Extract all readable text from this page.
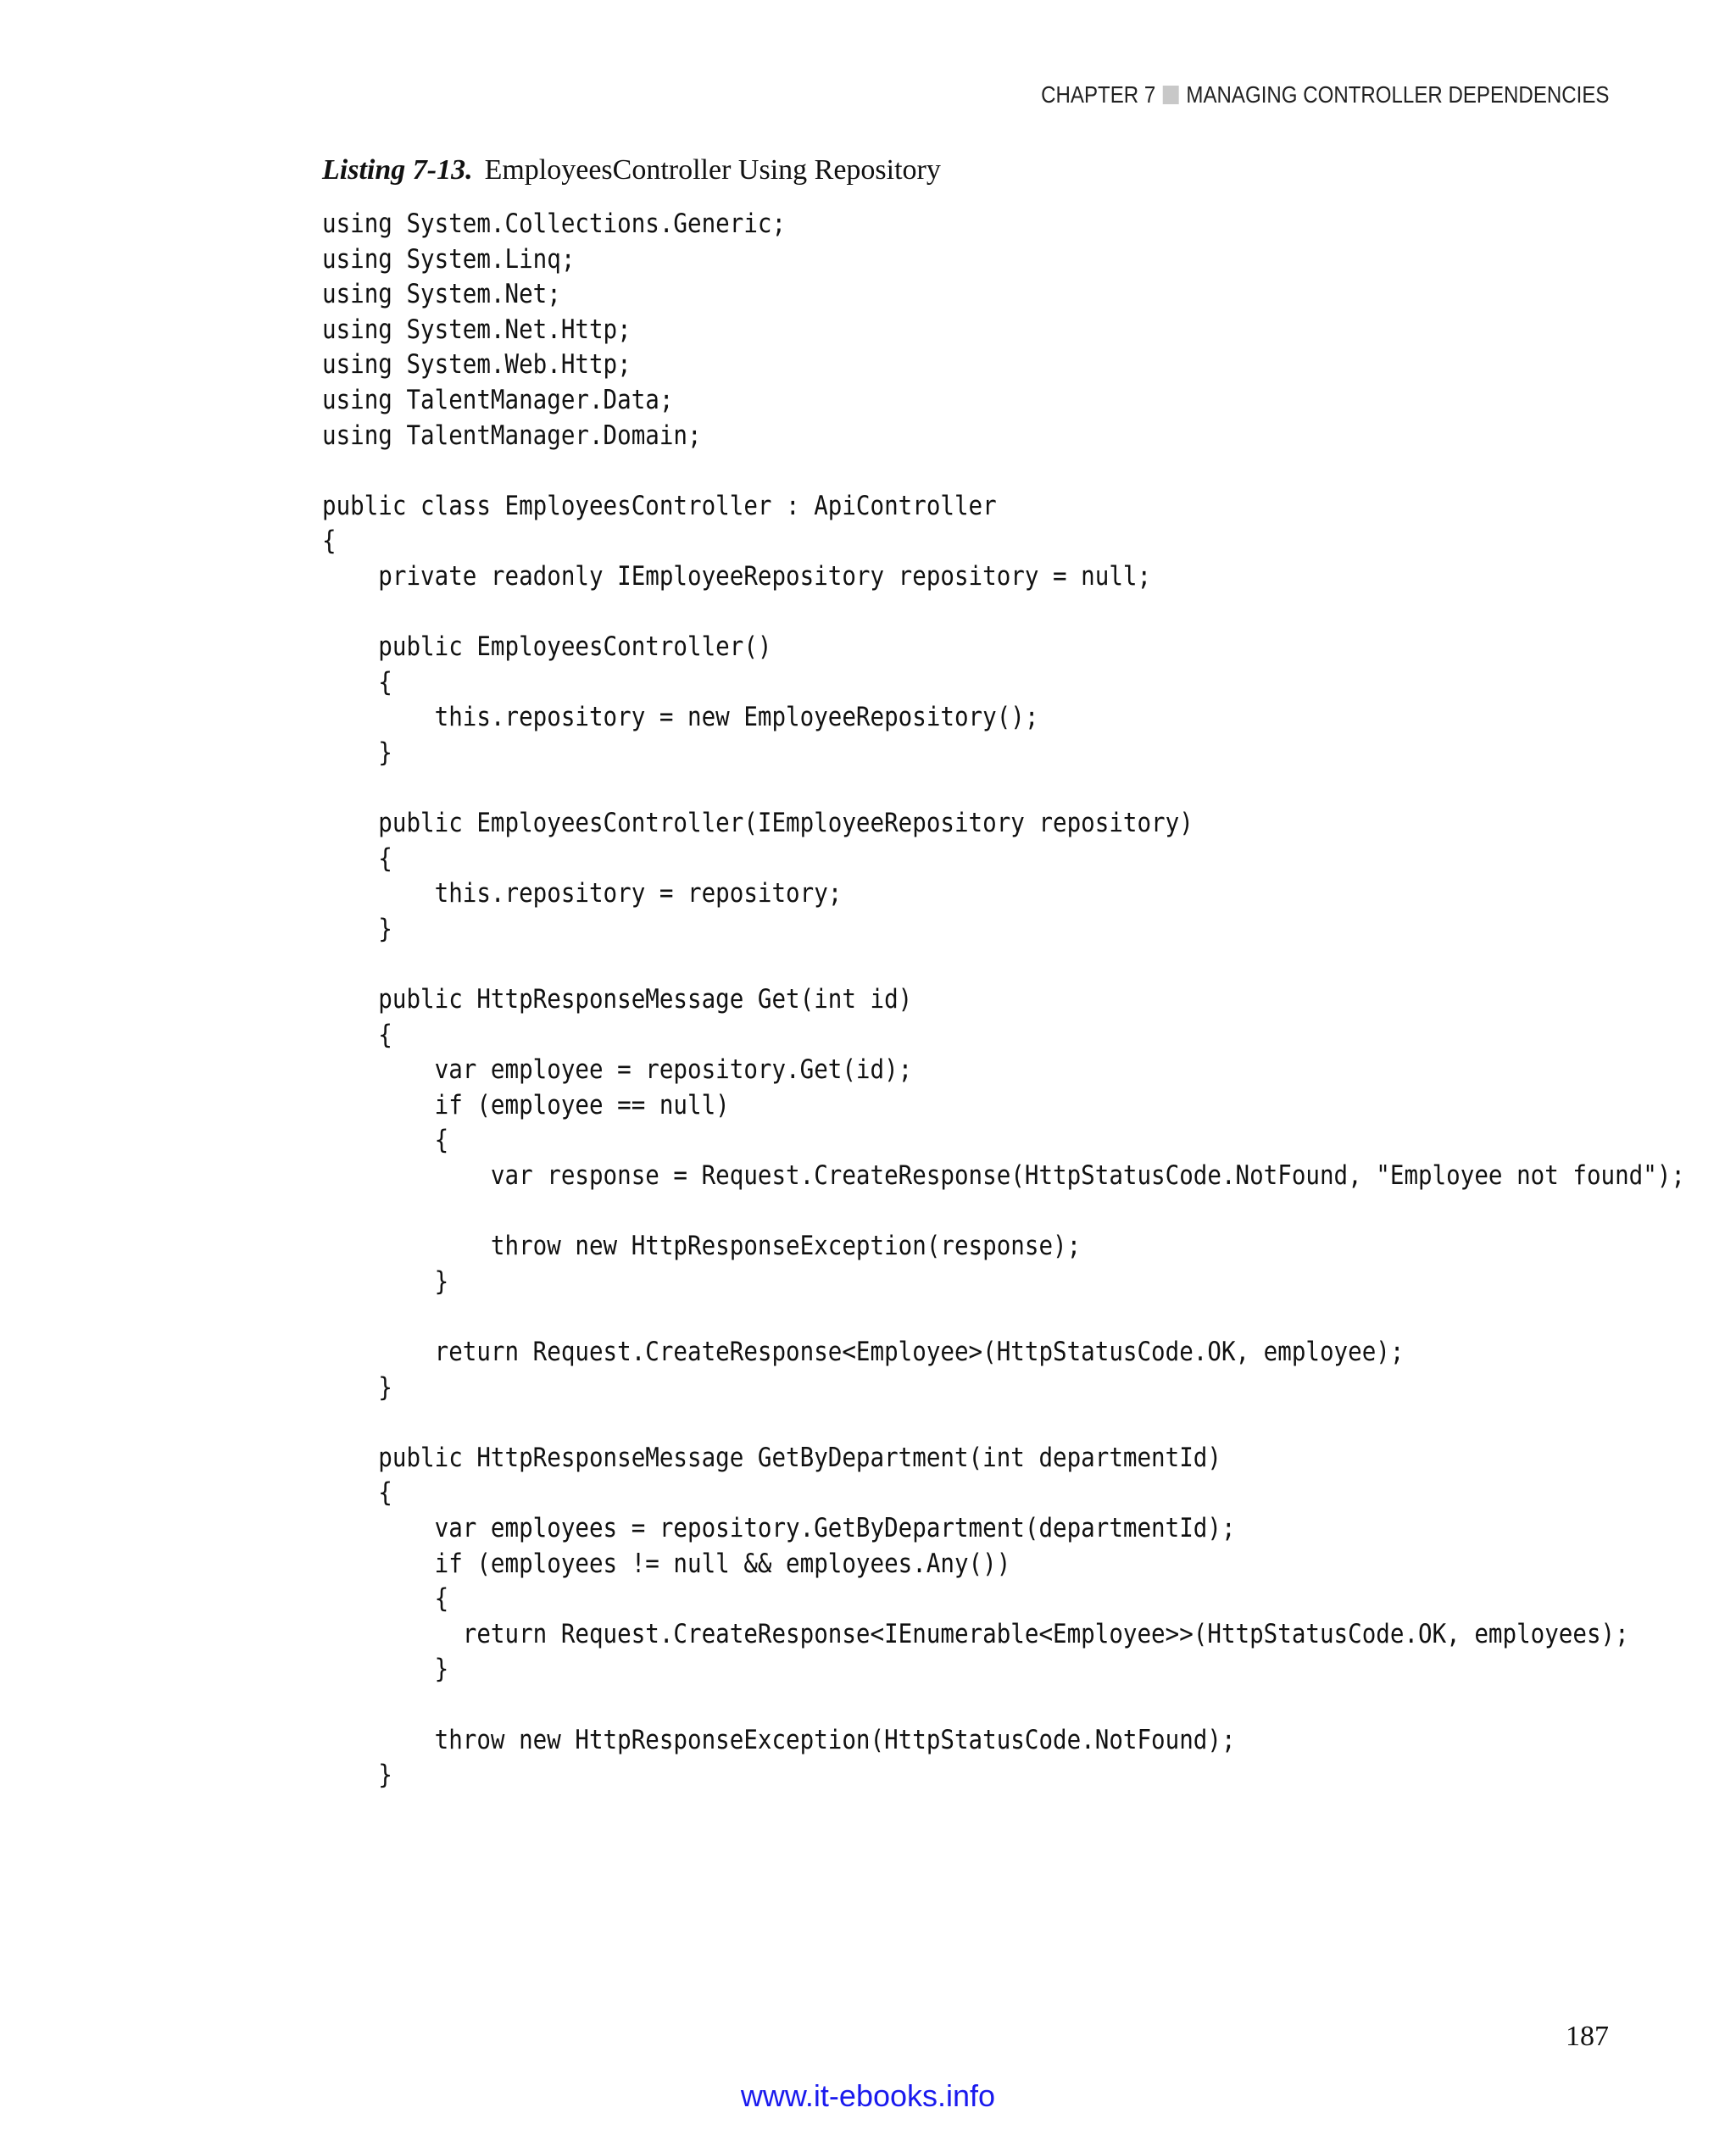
CHAPTER 7 MANAGING CONTROLLER DEPENDENCIES
Listing 7-13. EmployeesController Using Repository
using System.Collections.Generic;
using System.Linq;
using System.Net;
using System.Net.Http;
using System.Web.Http;
using TalentManager.Data;
using TalentManager.Domain;
public class EmployeesController : ApiController
{
private readonly IEmployeeRepository repository = null;
public EmployeesController()
{
this.repository = new EmployeeRepository();
}
public EmployeesController(IEmployeeRepository repository)
{
this.repository = repository;
}
public HttpResponseMessage Get(int id)
{
var employee = repository.Get(id);
if (employee == null)
{
var response = Request.CreateResponse(HttpStatusCode.NotFound, "Employee not found");
throw new HttpResponseException(response);
}
return Request.CreateResponse<Employee>(HttpStatusCode.OK, employee);
}
public HttpResponseMessage GetByDepartment(int departmentId)
{
var employees = repository.GetByDepartment(departmentId);
if (employees != null && employees.Any())
{
return Request.CreateResponse<IEnumerable<Employee>>(HttpStatusCode.OK, employees);
}
throw new HttpResponseException(HttpStatusCode.NotFound);
}
187
www.it-ebooks.info
